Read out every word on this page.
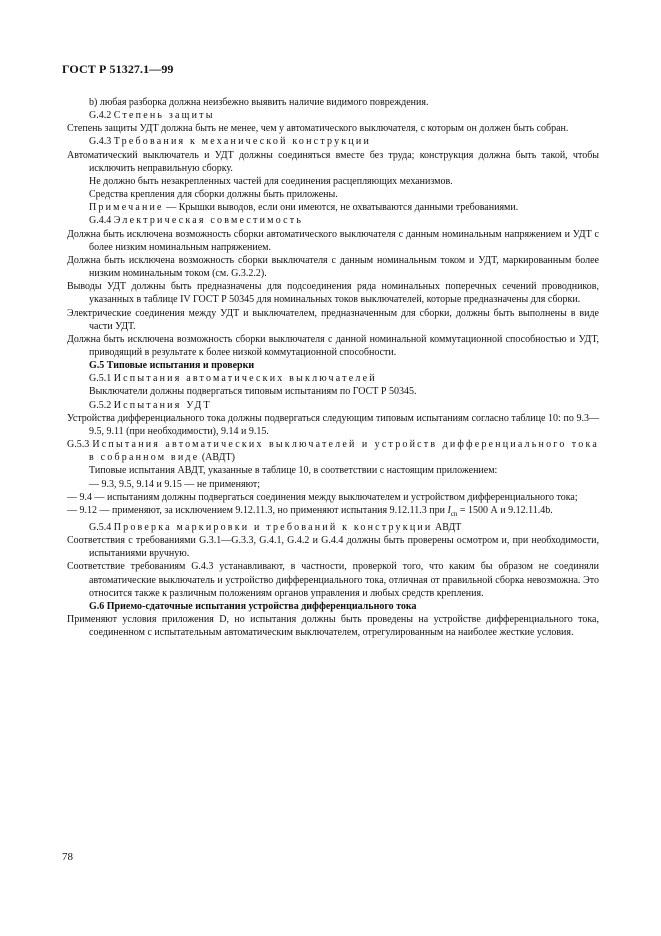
ГОСТ Р 51327.1—99

b) любая разборка должна неизбежно выявить наличие видимого повреждения.

G.4.2 Степень защиты

Степень защиты УДТ должна быть не менее, чем у автоматического выключателя, с которым он должен быть собран.

G.4.3 Требования к механической конструкции

Автоматический выключатель и УДТ должны соединяться вместе без труда; конструкция должна быть такой, чтобы исключить неправильную сборку.

Не должно быть незакрепленных частей для соединения расцепляющих механизмов.

Средства крепления для сборки должны быть приложены.

Примечание — Крышки выводов, если они имеются, не охватываются данными требованиями.

G.4.4 Электрическая совместимость

Должна быть исключена возможность сборки автоматического выключателя с данным номинальным напряжением и УДТ с более низким номинальным напряжением.

Должна быть исключена возможность сборки выключателя с данным номинальным током и УДТ, маркированным более низким номинальным током (см. G.3.2.2).

Выводы УДТ должны быть предназначены для подсоединения ряда номинальных поперечных сечений проводников, указанных в таблице IV ГОСТ Р 50345 для номинальных токов выключателей, которые предназначены для сборки.

Электрические соединения между УДТ и выключателем, предназначенным для сборки, должны быть выполнены в виде части УДТ.

Должна быть исключена возможность сборки выключателя с данной номинальной коммутационной способностью и УДТ, приводящий в результате к более низкой коммутационной способности.

G.5 Типовые испытания и проверки

G.5.1 Испытания автоматических выключателей

Выключатели должны подвергаться типовым испытаниям по ГОСТ Р 50345.

G.5.2 Испытания УДТ

Устройства дифференциального тока должны подвергаться следующим типовым испытаниям согласно таблице 10: по 9.3—9.5, 9.11 (при необходимости), 9.14 и 9.15.

G.5.3 Испытания автоматических выключателей и устройств дифференциального тока в собранном виде (АВДТ)

Типовые испытания АВДТ, указанные в таблице 10, в соответствии с настоящим приложением:

— 9.3, 9.5, 9.14 и 9.15 — не применяют;

— 9.4 — испытаниям должны подвергаться соединения между выключателем и устройством дифференциального тока;

— 9.12 — применяют, за исключением 9.12.11.3, но применяют испытания 9.12.11.3 при $I_{cn} = 1500$ А и 9.12.11.4b.

G.5.4 Проверка маркировки и требований к конструкции АВДТ

Соответствия с требованиями G.3.1—G.3.3, G.4.1, G.4.2 и G.4.4 должны быть проверены осмотром и, при необходимости, испытаниями вручную.

Соответствие требованиям G.4.3 устанавливают, в частности, проверкой того, что каким бы образом не соединяли автоматические выключатель и устройство дифференциального тока, отличная от правильной сборка невозможна. Это относится также к различным положениям органов управления и любых средств крепления.

G.6 Приемо-сдаточные испытания устройства дифференциального тока

Применяют условия приложения D, но испытания должны быть проведены на устройстве дифференциального тока, соединенном с испытательным автоматическим выключателем, отрегулированным на наиболее жесткие условия.

78
